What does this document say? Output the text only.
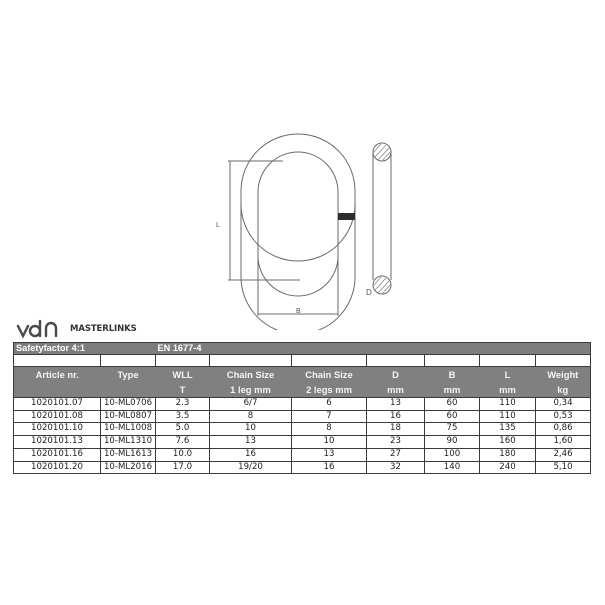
L
B
D
MASTERLINKS
Safetyfactor 4:1		EN 1677-4						

Article nr.	Type	WLL	Chain Size	Chain Size	D	B	L	Weight
		T	1 leg mm	2 legs mm	mm	mm	mm	kg
1020101.07	10-ML0706	2.3	6/7	6	13	60	110	0,34
1020101.08	10-ML0807	3.5	8	7	16	60	110	0,53
1020101.10	10-ML1008	5.0	10	8	18	75	135	0,86
1020101.13	10-ML1310	7.6	13	10	23	90	160	1,60
1020101.16	10-ML1613	10.0	16	13	27	100	180	2,46
1020101.20	10-ML2016	17.0	19/20	16	32	140	240	5,10
